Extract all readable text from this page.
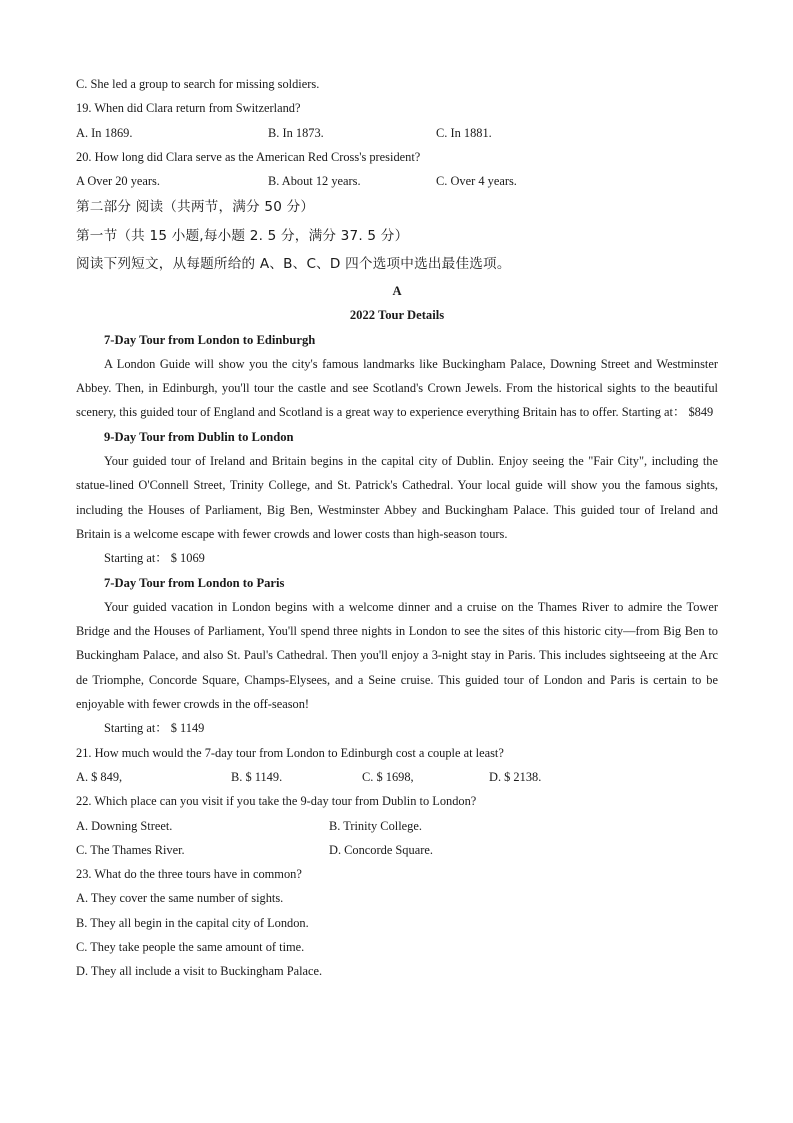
C. She led a group to search for missing soldiers.
19. When did Clara return from Switzerland?
A. In 1869.	B. In 1873.	C. In 1881.
20. How long did Clara serve as the American Red Cross's president?
A Over 20 years.	B. About 12 years.	C. Over 4 years.
第二部分 阅读（共两节，满分 50 分）
第一节（共 15 小题,每小题 2. 5 分，满分 37. 5 分）
阅读下列短文，从每题所给的 A、B、C、D 四个选项中选出最佳选项。
A
2022 Tour Details
7-Day Tour from London to Edinburgh
A London Guide will show you the city's famous landmarks like Buckingham Palace, Downing Street and Westminster Abbey. Then, in Edinburgh, you'll tour the castle and see Scotland's Crown Jewels. From the historical sights to the beautiful scenery, this guided tour of England and Scotland is a great way to experience everything Britain has to offer. Starting at： $849
9-Day Tour from Dublin to London
Your guided tour of Ireland and Britain begins in the capital city of Dublin. Enjoy seeing the "Fair City", including the statue-lined O'Connell Street, Trinity College, and St. Patrick's Cathedral. Your local guide will show you the famous sights, including the Houses of Parliament, Big Ben, Westminster Abbey and Buckingham Palace. This guided tour of Ireland and Britain is a welcome escape with fewer crowds and lower costs than high-season tours.
Starting at： $ 1069
7-Day Tour from London to Paris
Your guided vacation in London begins with a welcome dinner and a cruise on the Thames River to admire the Tower Bridge and the Houses of Parliament, You'll spend three nights in London to see the sites of this historic city—from Big Ben to Buckingham Palace, and also St. Paul's Cathedral. Then you'll enjoy a 3-night stay in Paris. This includes sightseeing at the Arc de Triomphe, Concorde Square, Champs-Elysees, and a Seine cruise. This guided tour of London and Paris is certain to be enjoyable with fewer crowds in the off-season!
Starting at： $ 1149
21. How much would the 7-day tour from London to Edinburgh cost a couple at least?
A. $ 849,	B. $ 1149.	C. $ 1698,	D. $ 2138.
22. Which place can you visit if you take the 9-day tour from Dublin to London?
A. Downing Street.	B. Trinity College.
C. The Thames River.	D. Concorde Square.
23. What do the three tours have in common?
A. They cover the same number of sights.
B. They all begin in the capital city of London.
C. They take people the same amount of time.
D. They all include a visit to Buckingham Palace.
